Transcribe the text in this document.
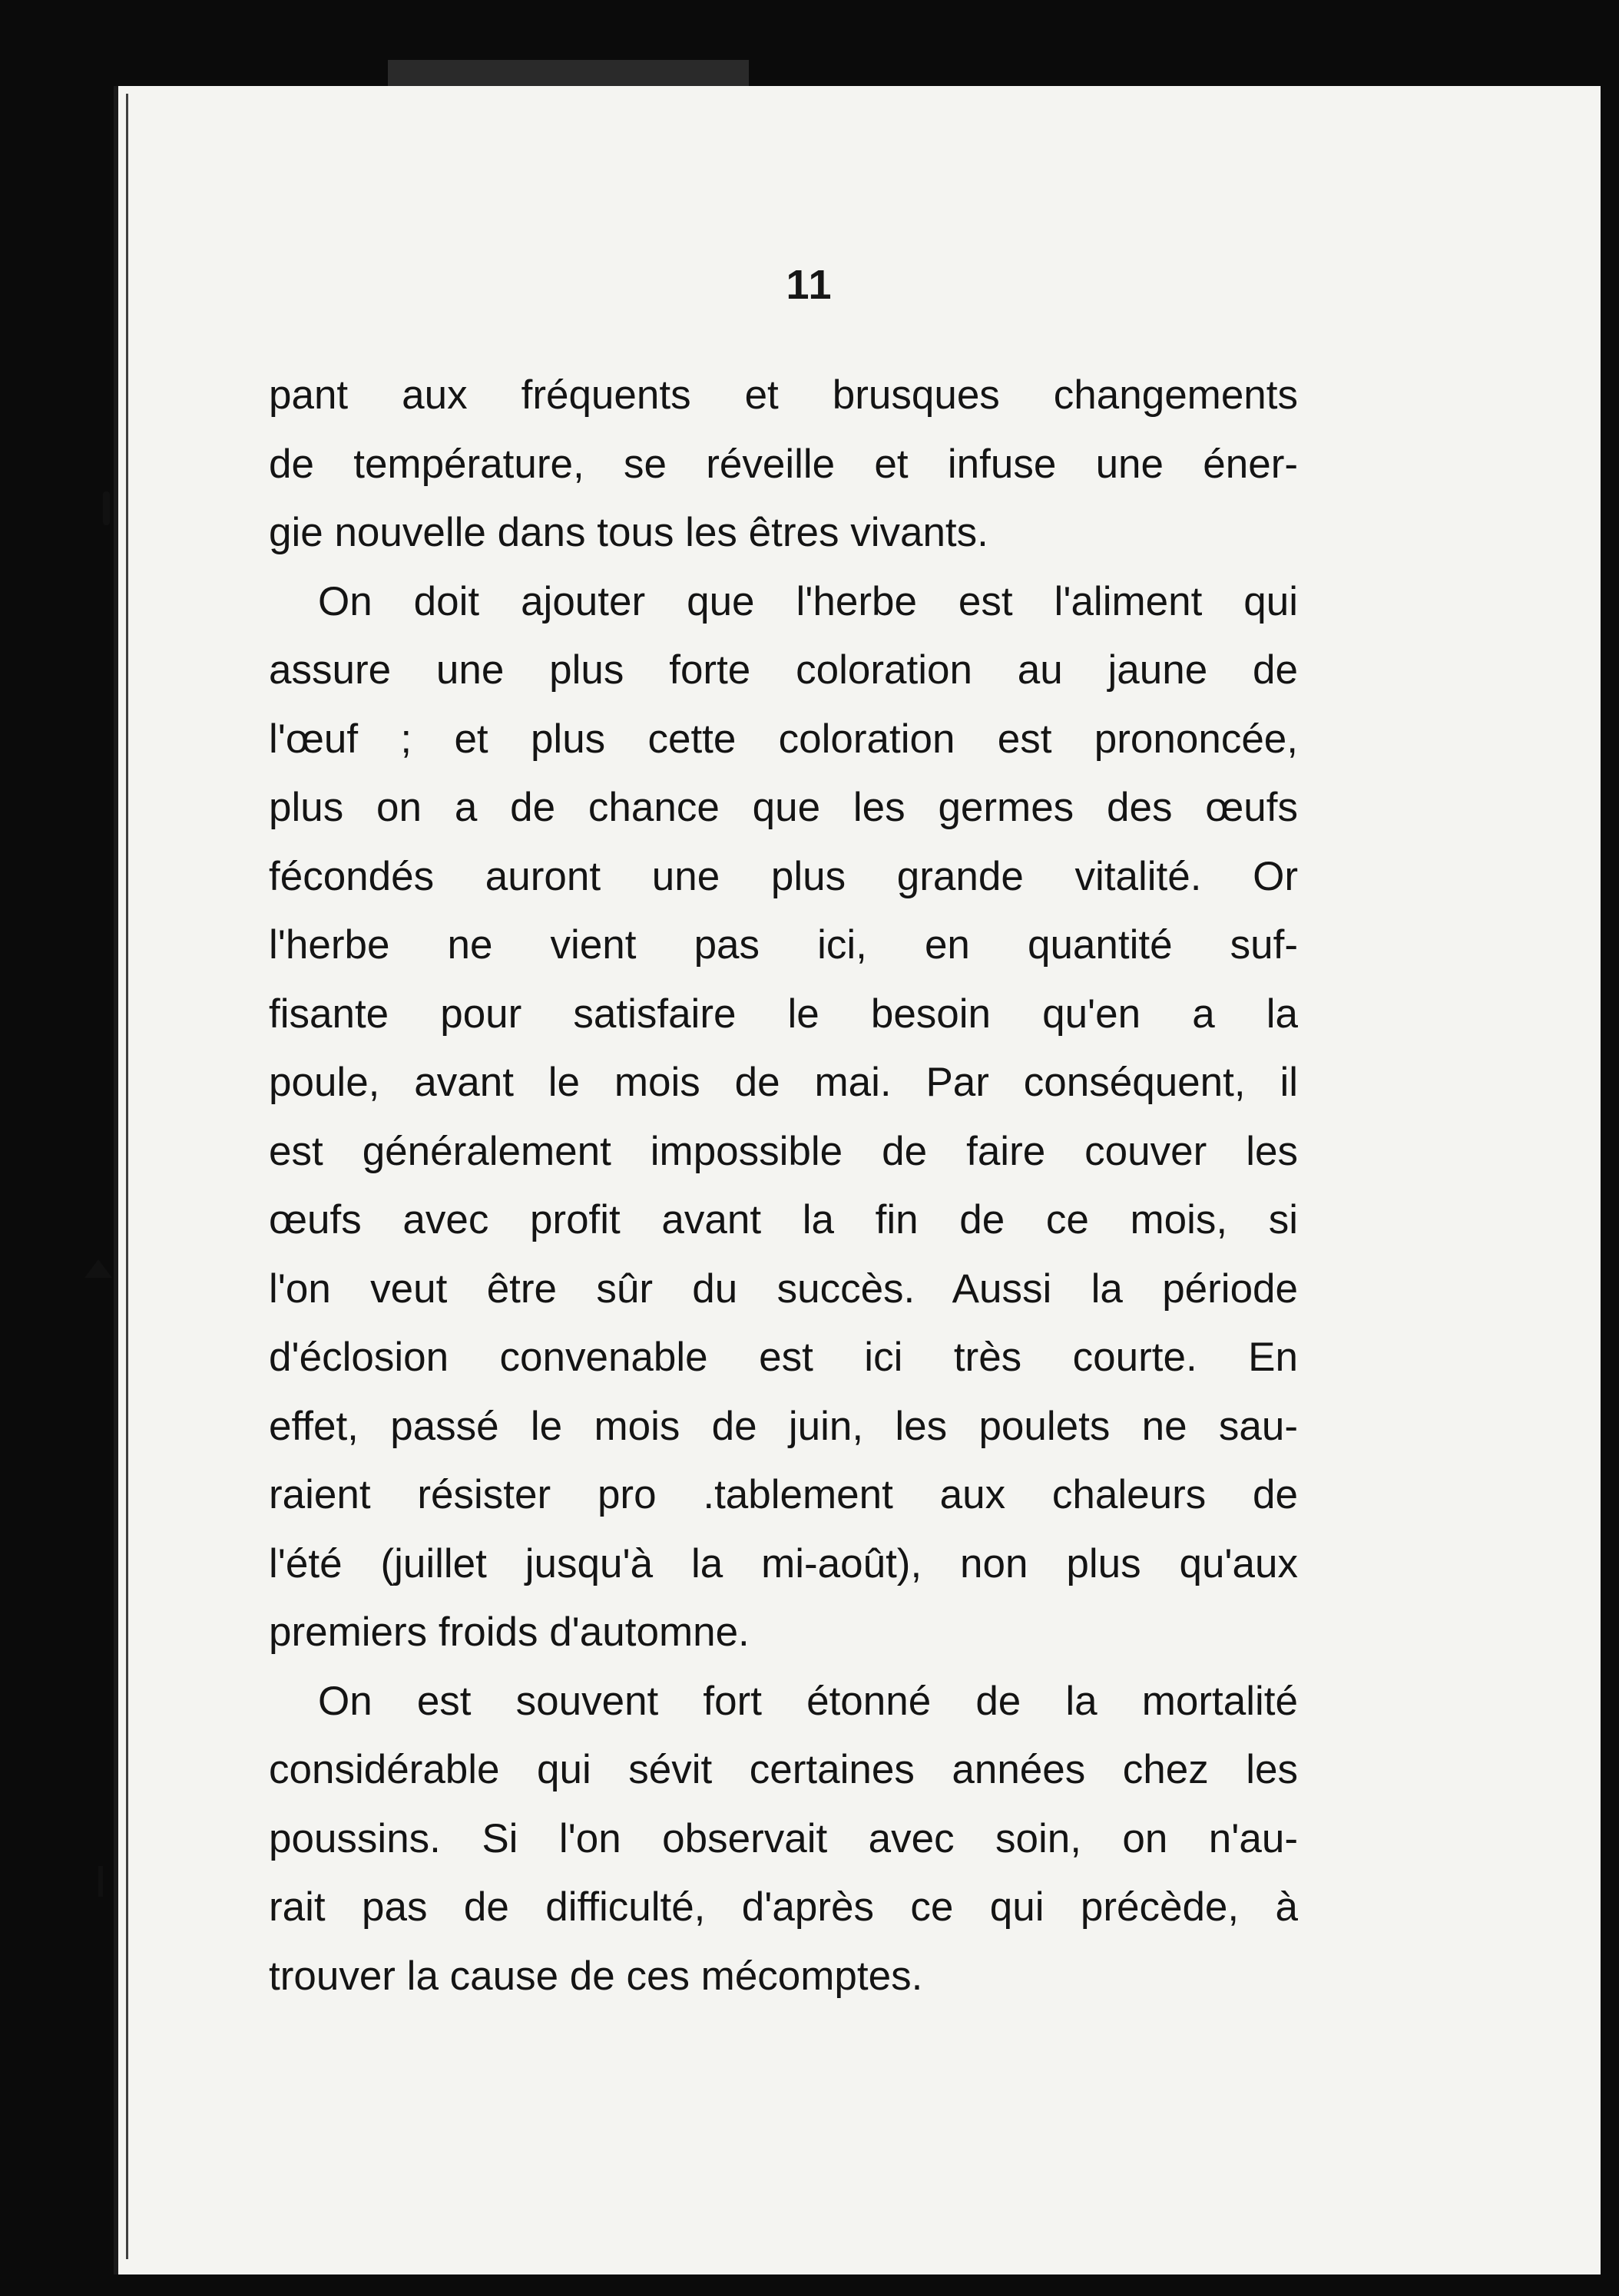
11

pant aux fréquents et brusques changements
de température, se réveille et infuse une éner-
gie nouvelle dans tous les êtres vivants.

On doit ajouter que l'herbe est l'aliment qui
assure une plus forte coloration au jaune de
l'œuf ; et plus cette coloration est prononcée,
plus on a de chance que les germes des œufs
fécondés auront une plus grande vitalité. Or
l'herbe ne vient pas ici, en quantité suf-
fisante pour satisfaire le besoin qu'en a la
poule, avant le mois de mai. Par conséquent, il
est généralement impossible de faire couver les
œufs avec profit avant la fin de ce mois, si
l'on veut être sûr du succès. Aussi la période
d'éclosion convenable est ici très courte. En
effet, passé le mois de juin, les poulets ne sau-
raient résister pro .tablement aux chaleurs de
l'été (juillet jusqu'à la mi-août), non plus qu'aux
premiers froids d'automne.

On est souvent fort étonné de la mortalité
considérable qui sévit certaines années chez les
poussins. Si l'on observait avec soin, on n'au-
rait pas de difficulté, d'après ce qui précède, à
trouver la cause de ces mécomptes.
